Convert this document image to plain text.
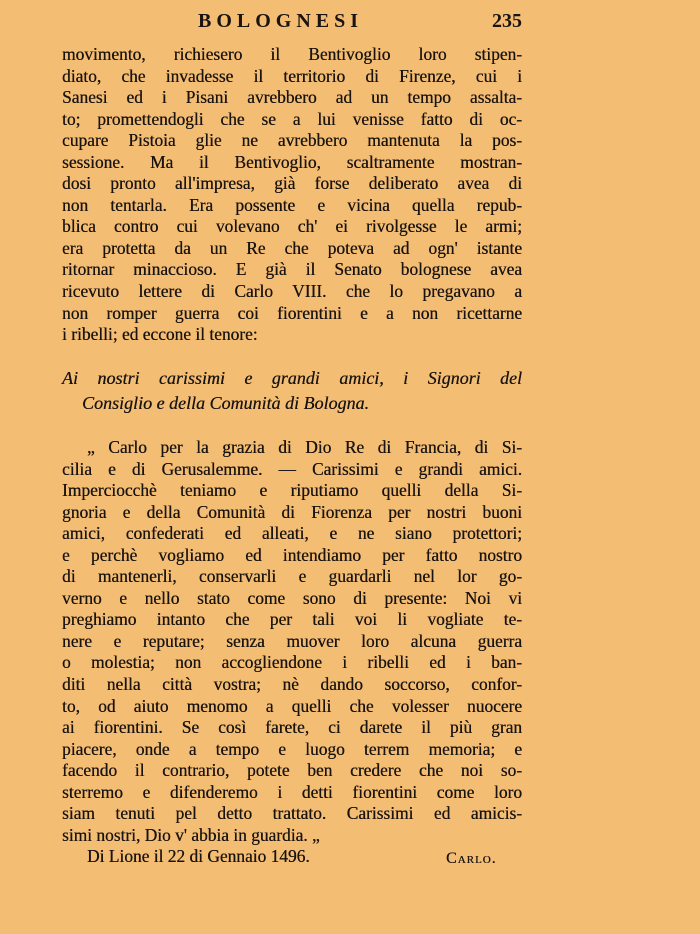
BOLOGNESI	235
movimento, richiesero il Bentivoglio loro stipen-
diato, che invadesse il territorio di Firenze, cui i
Sanesi ed i Pisani avrebbero ad un tempo assalta-
to; promettendogli che se a lui venisse fatto di oc-
cupare Pistoia glie ne avrebbero mantenuta la pos-
sessione. Ma il Bentivoglio, scaltramente mostran-
dosi pronto all'impresa, già forse deliberato avea di
non tentarla. Era possente e vicina quella repub-
blica contro cui volevano ch' ei rivolgesse le armi;
era protetta da un Re che poteva ad ogn' istante
ritornar minaccioso. E già il Senato bolognese avea
ricevuto lettere di Carlo VIII. che lo pregavano a
non romper guerra coi fiorentini e a non ricettarne
i ribelli; ed eccone il tenore:
Ai nostri carissimi e grandi amici, i Signori del
Consiglio e della Comunità di Bologna.
„ Carlo per la grazia di Dio Re di Francia, di Si-
cilia e di Gerusalemme. — Carissimi e grandi amici.
Imperciocchè teniamo e riputiamo quelli della Si-
gnoria e della Comunità di Fiorenza per nostri buoni
amici, confederati ed alleati, e ne siano protettori;
e perchè vogliamo ed intendiamo per fatto nostro
di mantenerli, conservarli e guardarli nel lor go-
verno e nello stato come sono di presente: Noi vi
preghiamo intanto che per tali voi li vogliate te-
nere e reputare; senza muover loro alcuna guerra
o molestia; non accogliendone i ribelli ed i ban-
diti nella città vostra; nè dando soccorso, confor-
to, od aiuto menomo a quelli che volesser nuocere
ai fiorentini. Se così farete, ci darete il più gran
piacere, onde a tempo e luogo terrem memoria; e
facendo il contrario, potete ben credere che noi so-
sterremo e difenderemo i detti fiorentini come loro
siam tenuti pel detto trattato. Carissimi ed amicis-
simi nostri, Dio v' abbia in guardia. „
Di Lione il 22 di Gennaio 1496.	Carlo.
